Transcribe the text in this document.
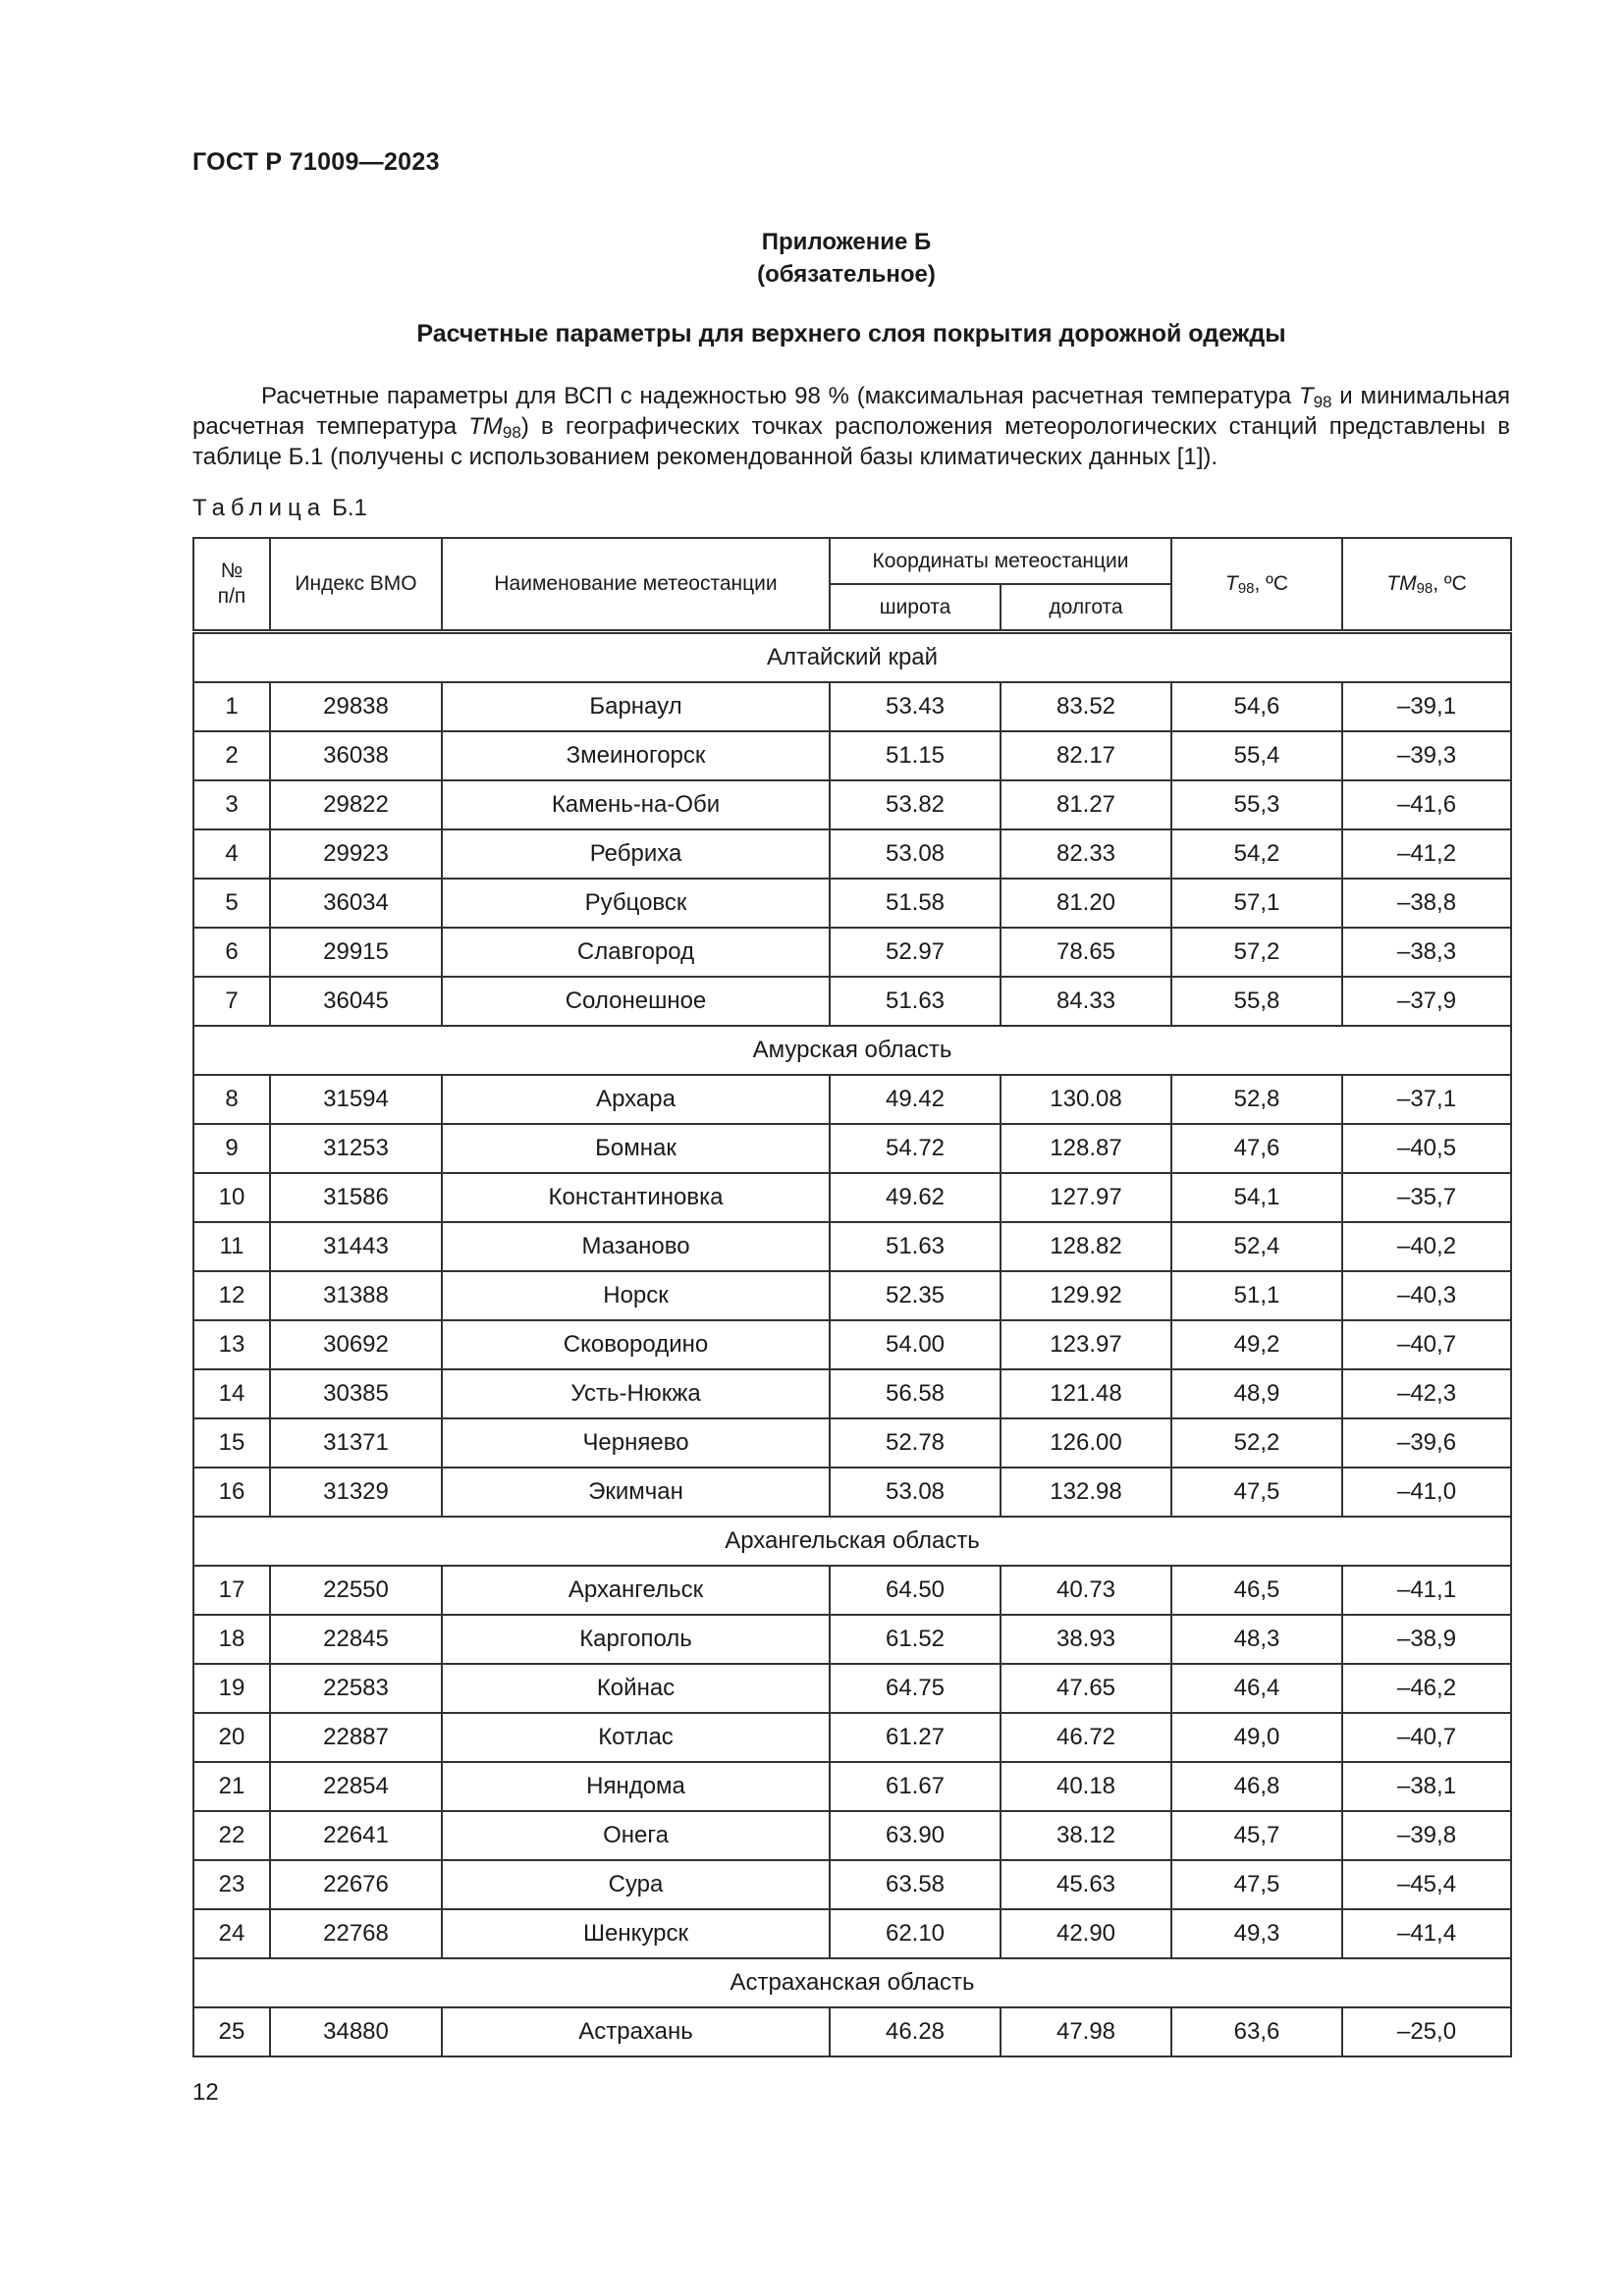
ГОСТ Р 71009—2023
Приложение Б
(обязательное)
Расчетные параметры для верхнего слоя покрытия дорожной одежды
Расчетные параметры для ВСП с надежностью 98 % (максимальная расчетная температура $T_{98}$ и минимальная расчетная температура $TM_{98}$) в географических точках расположения метеорологических станций представлены в таблице Б.1 (получены с использованием рекомендованной базы климатических данных [1]).
Таблица Б.1
№
п/п	Индекс ВМО	Наименование метеостанции	Координаты метеостанции		$T_{98}$, ºC	$TM_{98}$, ºC
			широта	долгота		
Алтайский край						
1	29838	Барнаул	53.43	83.52	54,6	–39,1
2	36038	Змеиногорск	51.15	82.17	55,4	–39,3
3	29822	Камень-на-Оби	53.82	81.27	55,3	–41,6
4	29923	Ребриха	53.08	82.33	54,2	–41,2
5	36034	Рубцовск	51.58	81.20	57,1	–38,8
6	29915	Славгород	52.97	78.65	57,2	–38,3
7	36045	Солонешное	51.63	84.33	55,8	–37,9
Амурская область						
8	31594	Архара	49.42	130.08	52,8	–37,1
9	31253	Бомнак	54.72	128.87	47,6	–40,5
10	31586	Константиновка	49.62	127.97	54,1	–35,7
11	31443	Мазаново	51.63	128.82	52,4	–40,2
12	31388	Норск	52.35	129.92	51,1	–40,3
13	30692	Сковородино	54.00	123.97	49,2	–40,7
14	30385	Усть-Нюкжа	56.58	121.48	48,9	–42,3
15	31371	Черняево	52.78	126.00	52,2	–39,6
16	31329	Экимчан	53.08	132.98	47,5	–41,0
Архангельская область						
17	22550	Архангельск	64.50	40.73	46,5	–41,1
18	22845	Каргополь	61.52	38.93	48,3	–38,9
19	22583	Койнас	64.75	47.65	46,4	–46,2
20	22887	Котлас	61.27	46.72	49,0	–40,7
21	22854	Няндома	61.67	40.18	46,8	–38,1
22	22641	Онега	63.90	38.12	45,7	–39,8
23	22676	Сура	63.58	45.63	47,5	–45,4
24	22768	Шенкурск	62.10	42.90	49,3	–41,4
Астраханская область						
25	34880	Астрахань	46.28	47.98	63,6	–25,0
12
